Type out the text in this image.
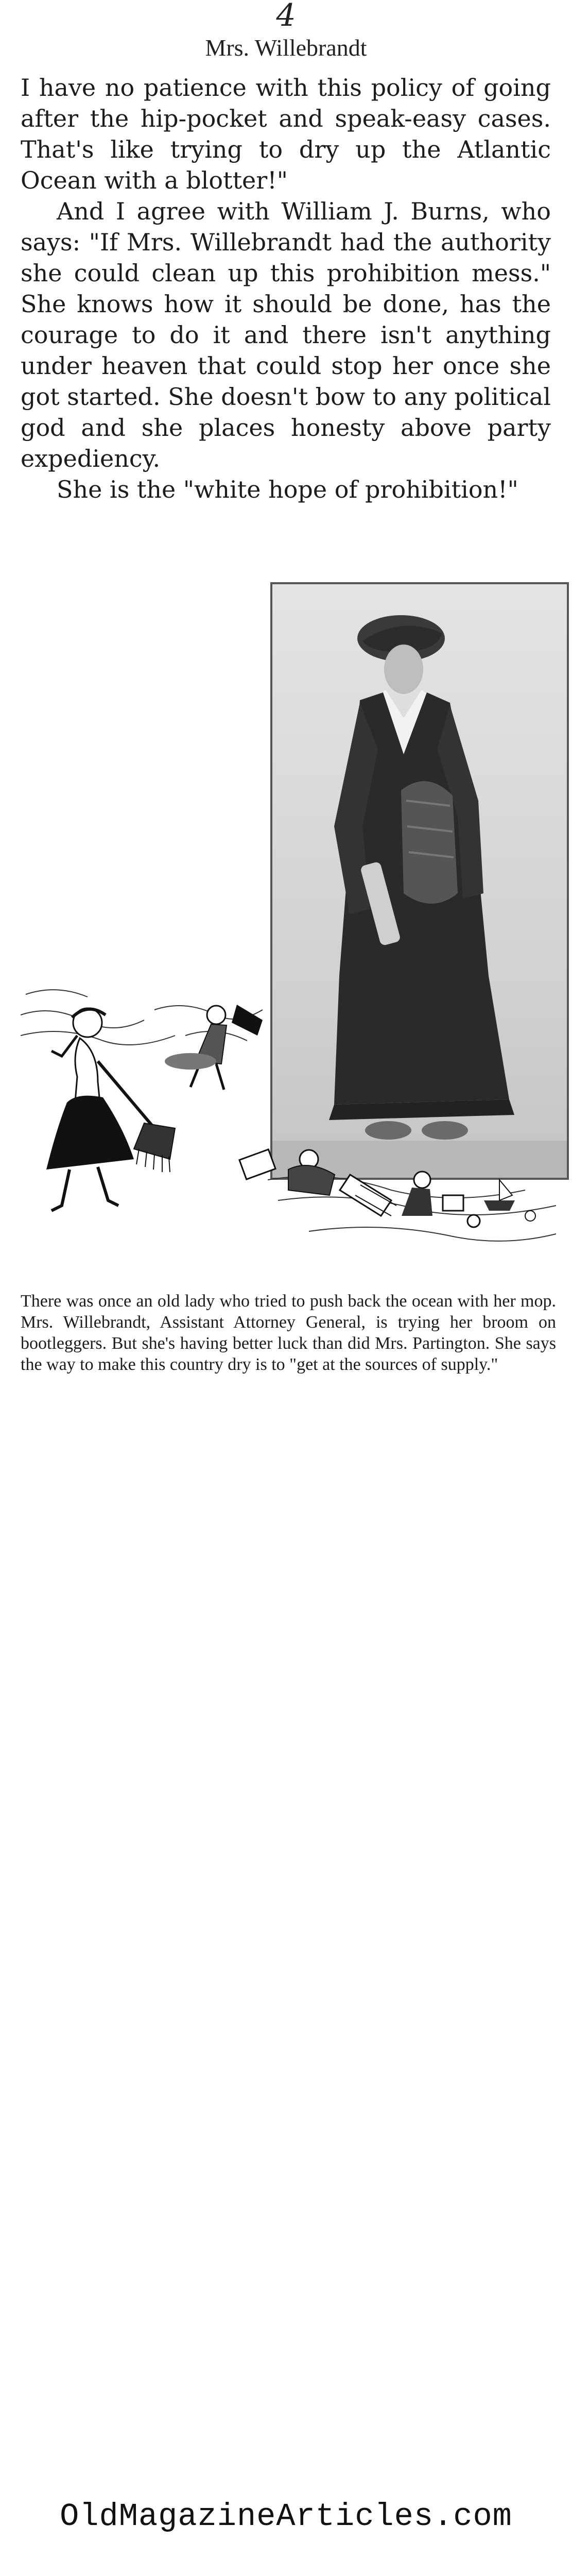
4
Mrs. Willebrandt

I have no patience with this policy of going after the hip-pocket and speak-easy cases. That's like trying to dry up the Atlantic Ocean with a blotter!"

And I agree with William J. Burns, who says: "If Mrs. Willebrandt had the authority she could clean up this prohibition mess." She knows how it should be done, has the courage to do it and there isn't anything under heaven that could stop her once she got started. She doesn't bow to any political god and she places honesty above party expediency.

She is the "white hope of prohibition!"

There was once an old lady who tried to push back the ocean with her mop. Mrs. Willebrandt, Assistant Attorney General, is trying her broom on bootleggers. But she's having better luck than did Mrs. Partington. She says the way to make this country dry is to "get at the sources of supply."
OldMagazineArticles.com
